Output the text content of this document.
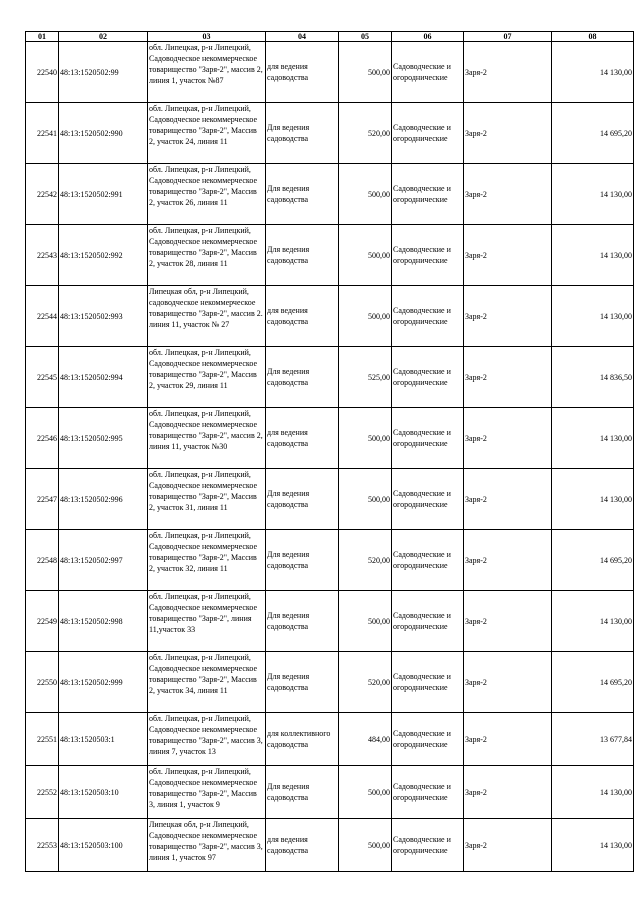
01	02	03	04	05	06	07	08
22540	48:13:1520502:99	обл. Липецкая, р-н Липецкий, Садоводческое некоммерческое товарищество "Заря-2", массив 2, линия 1, участок №87	для ведения садоводства	500,00	Садоводческие и огороднические	Заря-2	14 130,00
22541	48:13:1520502:990	обл. Липецкая, р-н Липецкий, Садоводческое некоммерческое товарищество "Заря-2", Массив 2, участок 24, линия 11	Для ведения садоводства	520,00	Садоводческие и огороднические	Заря-2	14 695,20
22542	48:13:1520502:991	обл. Липецкая, р-н Липецкий, Садоводческое некоммерческое товарищество "Заря-2", Массив 2, участок 26, линия 11	Для ведения садоводства	500,00	Садоводческие и огороднические	Заря-2	14 130,00
22543	48:13:1520502:992	обл. Липецкая, р-н Липецкий, Садоводческое некоммерческое товарищество "Заря-2", Массив 2, участок 28, линия 11	Для ведения садоводства	500,00	Садоводческие и огороднические	Заря-2	14 130,00
22544	48:13:1520502:993	Липецкая обл, р-н Липецкий, садоводческое некоммерческое товарищество "Заря-2", массив 2. линия 11, участок № 27	для ведения садоводства	500,00	Садоводческие и огороднические	Заря-2	14 130,00
22545	48:13:1520502:994	обл. Липецкая, р-н Липецкий, Садоводческое некоммерческое товарищество "Заря-2", Массив 2, участок 29, линия 11	Для ведения садоводства	525,00	Садоводческие и огороднические	Заря-2	14 836,50
22546	48:13:1520502:995	обл. Липецкая, р-н Липецкий, Садоводческое некоммерческое товарищество "Заря-2", массив 2, линия 11, участок №30	для ведения садоводства	500,00	Садоводческие и огороднические	Заря-2	14 130,00
22547	48:13:1520502:996	обл. Липецкая, р-н Липецкий, Садоводческое некоммерческое товарищество "Заря-2", Массив 2, участок 31, линия 11	Для ведения садоводства	500,00	Садоводческие и огороднические	Заря-2	14 130,00
22548	48:13:1520502:997	обл. Липецкая, р-н Липецкий, Садоводческое некоммерческое товарищество "Заря-2", Массив 2, участок 32, линия 11	Для ведения садоводства	520,00	Садоводческие и огороднические	Заря-2	14 695,20
22549	48:13:1520502:998	обл. Липецкая, р-н Липецкий, Садоводческое некоммерческое товарищество "Заря-2", линия 11,участок 33	Для ведения садоводства	500,00	Садоводческие и огороднические	Заря-2	14 130,00
22550	48:13:1520502:999	обл. Липецкая, р-н Липецкий, Садоводческое некоммерческое товарищество "Заря-2", Массив 2, участок 34, линия 11	Для ведения садоводства	520,00	Садоводческие и огороднические	Заря-2	14 695,20
22551	48:13:1520503:1	обл. Липецкая, р-н Липецкий, Садоводческое некоммерческое товарищество "Заря-2", массив 3, линия 7, участок 13	для коллективного садоводства	484,00	Садоводческие и огороднические	Заря-2	13 677,84
22552	48:13:1520503:10	обл. Липецкая, р-н Липецкий, Садоводческое некоммерческое товарищество "Заря-2", Массив 3, линия 1, участок 9	Для ведения садоводства	500,00	Садоводческие и огороднические	Заря-2	14 130,00
22553	48:13:1520503:100	Липецкая обл, р-н Липецкий, Садоводческое некоммерческое товарищество "Заря-2", массив 3, линия 1, участок 97	для ведения садоводства	500,00	Садоводческие и огороднические	Заря-2	14 130,00
